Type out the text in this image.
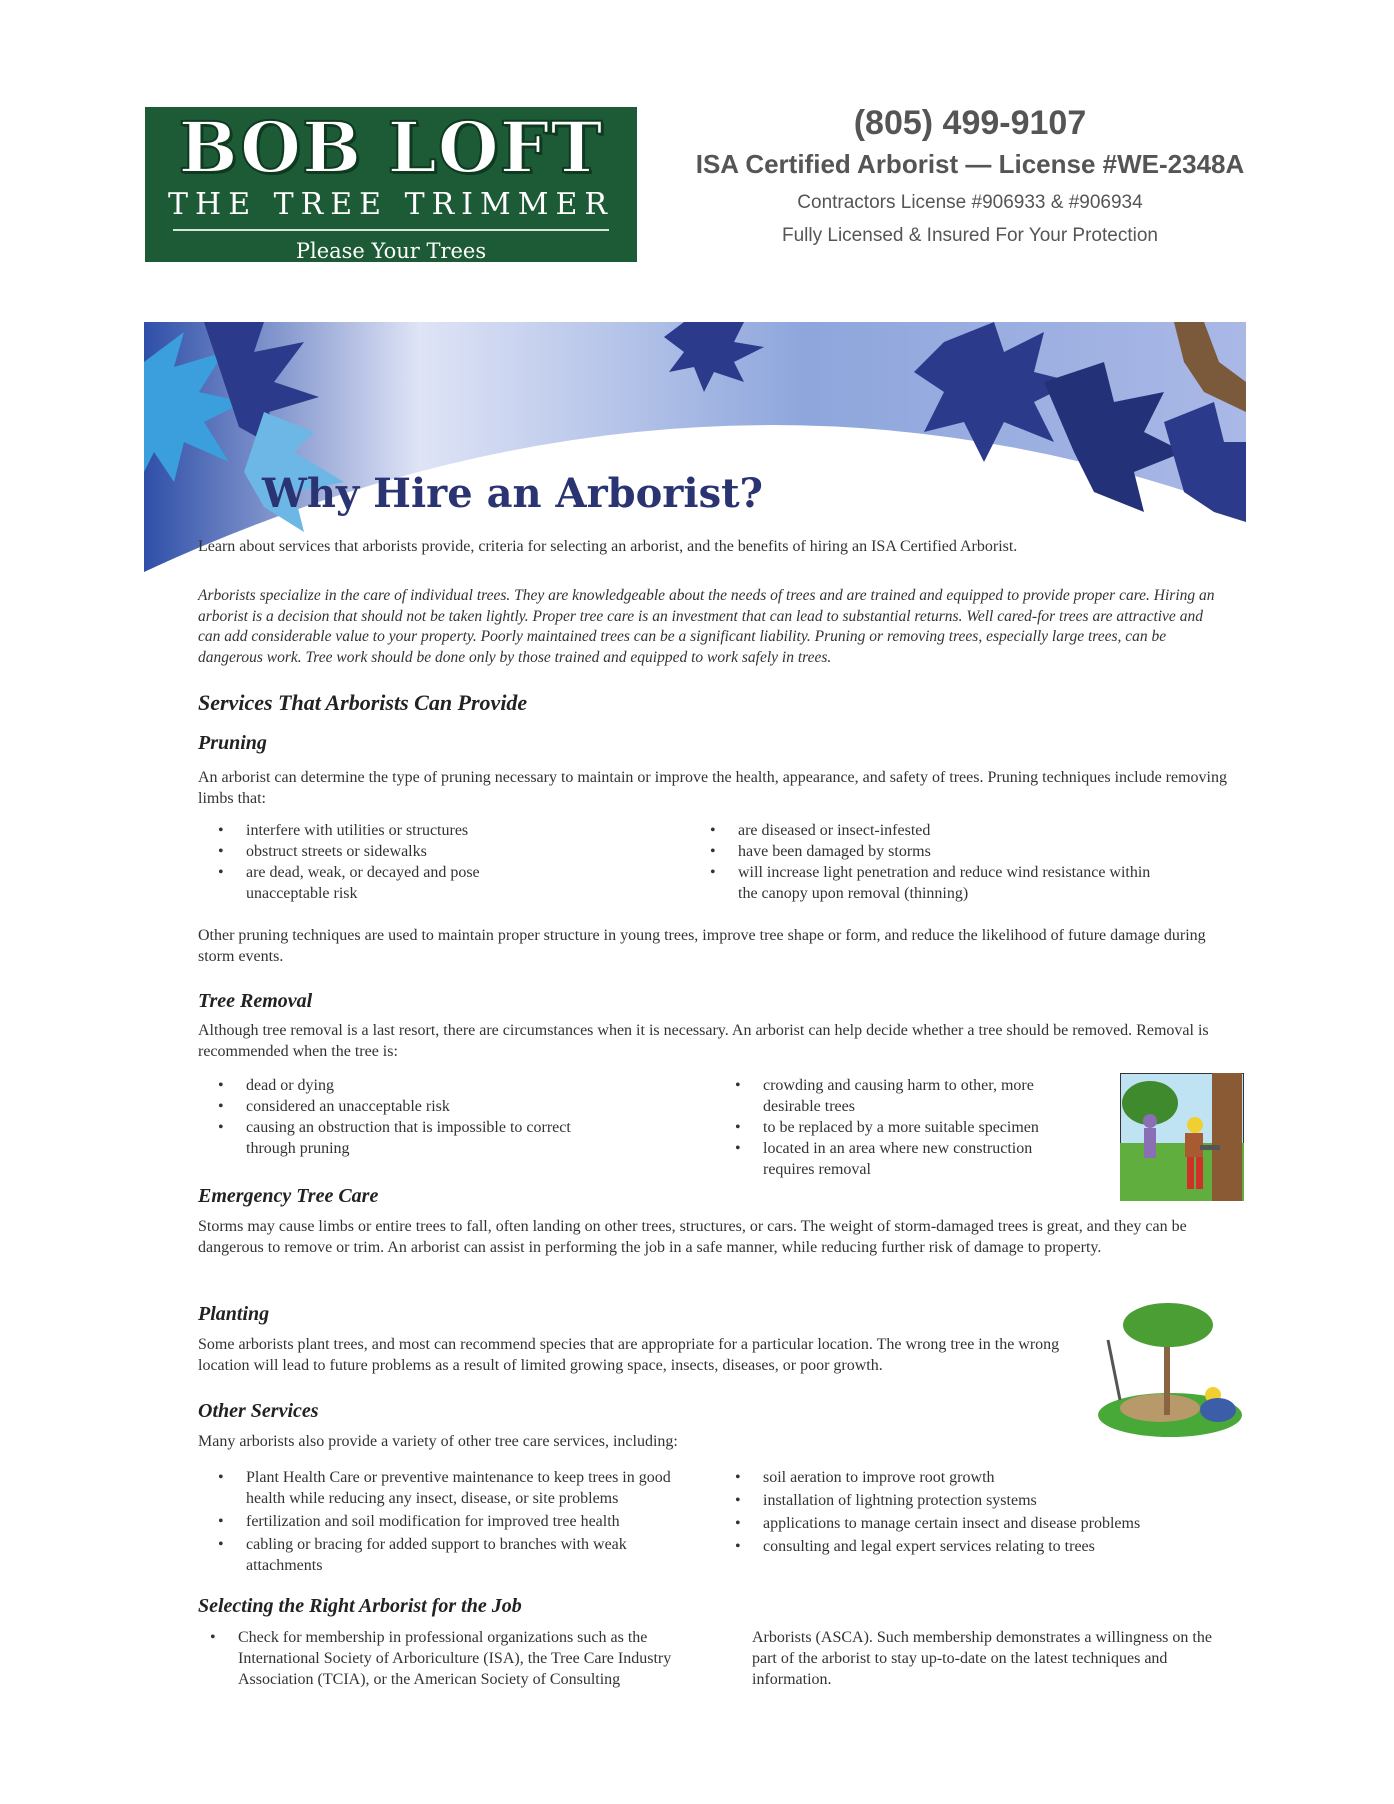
BOB LOFT
THE TREE TRIMMER
Please Your Trees
(805) 499-9107
ISA Certified Arborist — License #WE-2348A
Contractors License #906933 & #906934
Fully Licensed & Insured For Your Protection
Why Hire an Arborist?
Learn about services that arborists provide, criteria for selecting an arborist, and the benefits of hiring an ISA Certified Arborist.
Arborists specialize in the care of individual trees. They are knowledgeable about the needs of trees and are trained and equipped to provide proper care. Hiring an arborist is a decision that should not be taken lightly. Proper tree care is an investment that can lead to substantial returns. Well cared-for trees are attractive and can add considerable value to your property. Poorly maintained trees can be a significant liability. Pruning or removing trees, especially large trees, can be dangerous work. Tree work should be done only by those trained and equipped to work safely in trees.
Services That Arborists Can Provide
Pruning
An arborist can determine the type of pruning necessary to maintain or improve the health, appearance, and safety of trees. Pruning techniques include removing limbs that:
• interfere with utilities or structures
• obstruct streets or sidewalks
• are dead, weak, or decayed and pose unacceptable risk
• are diseased or insect-infested
• have been damaged by storms
• will increase light penetration and reduce wind resistance within the canopy upon removal (thinning)
Other pruning techniques are used to maintain proper structure in young trees, improve tree shape or form, and reduce the likelihood of future damage during storm events.
Tree Removal
Although tree removal is a last resort, there are circumstances when it is necessary. An arborist can help decide whether a tree should be removed. Removal is recommended when the tree is:
• dead or dying
• considered an unacceptable risk
• causing an obstruction that is impossible to correct through pruning
• crowding and causing harm to other, more desirable trees
• to be replaced by a more suitable specimen
• located in an area where new construction requires removal
Emergency Tree Care
Storms may cause limbs or entire trees to fall, often landing on other trees, structures, or cars. The weight of storm-damaged trees is great, and they can be dangerous to remove or trim. An arborist can assist in performing the job in a safe manner, while reducing further risk of damage to property.
Planting
Some arborists plant trees, and most can recommend species that are appropriate for a particular location. The wrong tree in the wrong location will lead to future problems as a result of limited growing space, insects, diseases, or poor growth.
Other Services
Many arborists also provide a variety of other tree care services, including:
• Plant Health Care or preventive maintenance to keep trees in good health while reducing any insect, disease, or site problems
• fertilization and soil modification for improved tree health
• cabling or bracing for added support to branches with weak attachments
• soil aeration to improve root growth
• installation of lightning protection systems
• applications to manage certain insect and disease problems
• consulting and legal expert services relating to trees
Selecting the Right Arborist for the Job
• Check for membership in professional organizations such as the International Society of Arboriculture (ISA), the Tree Care Industry Association (TCIA), or the American Society of Consulting
Arborists (ASCA). Such membership demonstrates a willingness on the part of the arborist to stay up-to-date on the latest techniques and information.
